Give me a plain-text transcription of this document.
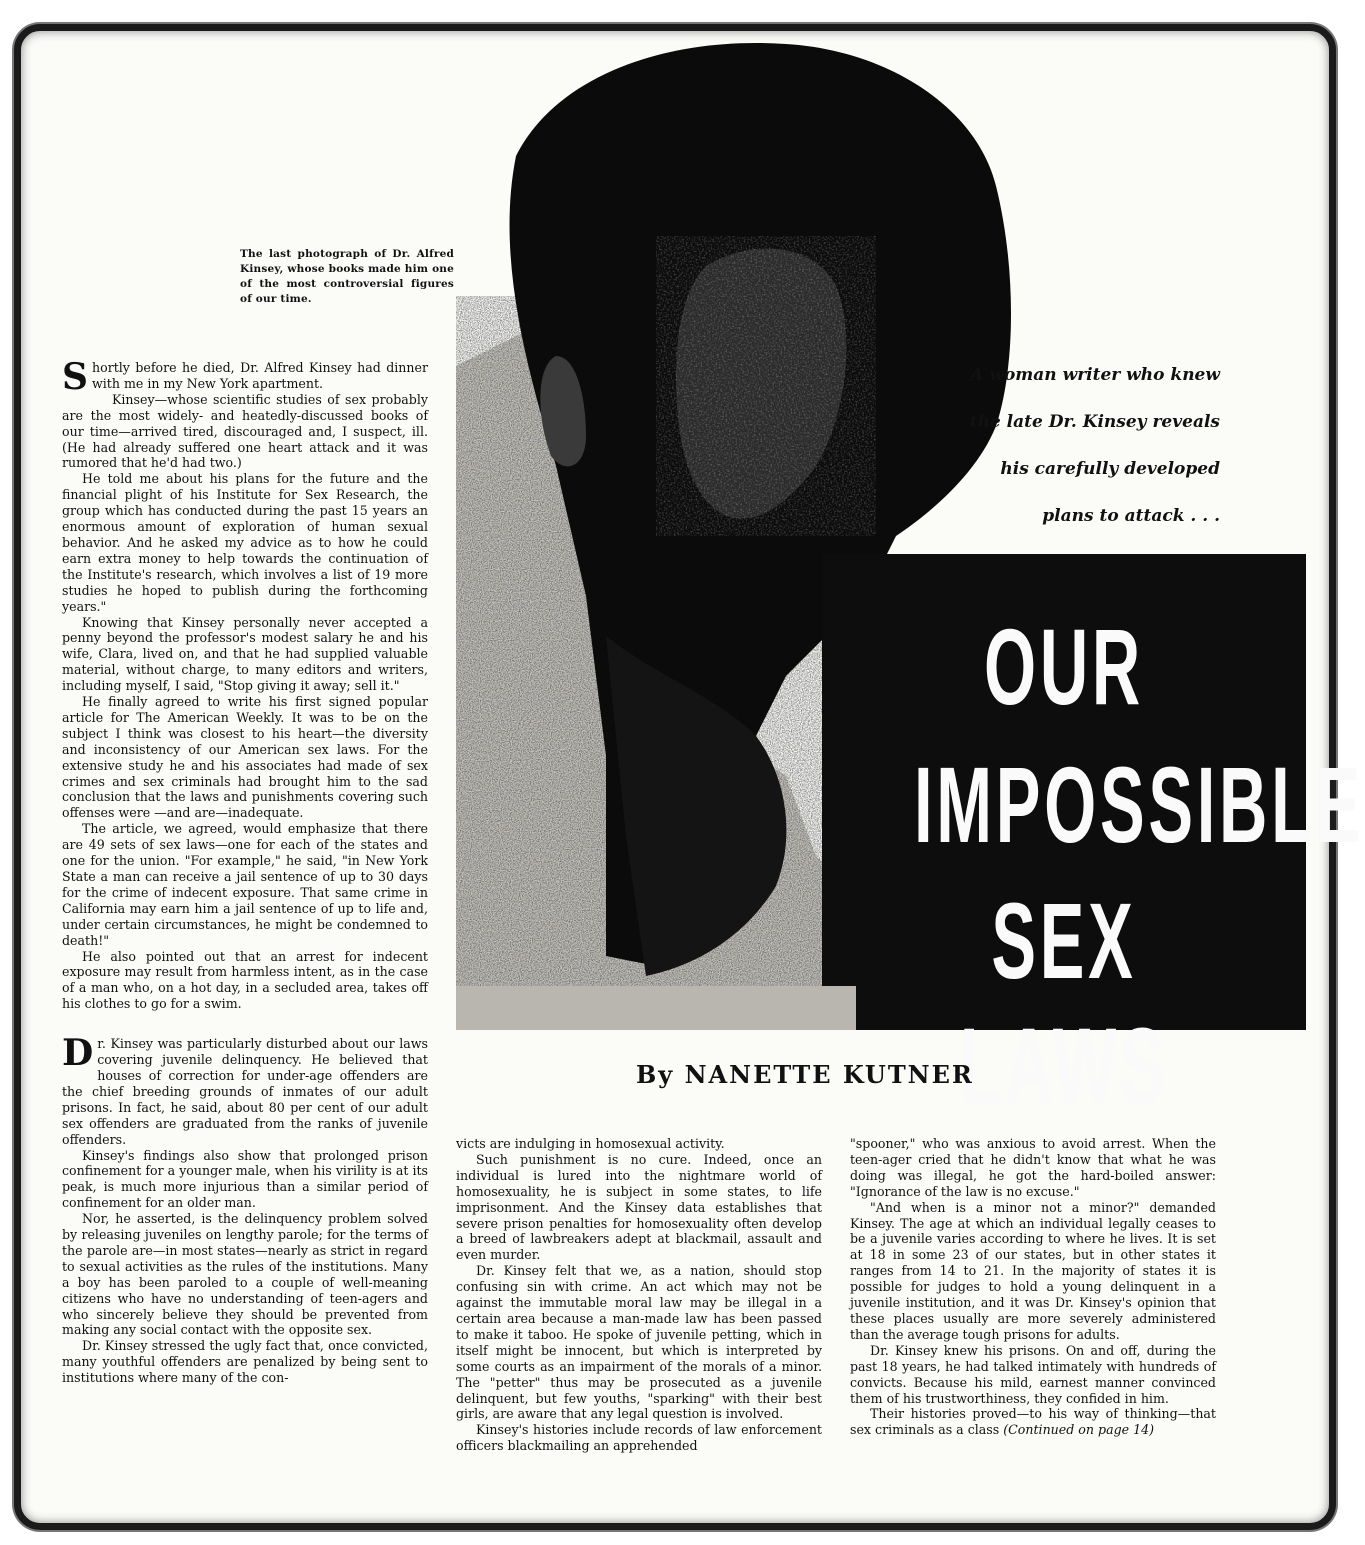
OUR
IMPOSSIBLE
SEX LAWS
A woman writer who knew
the late Dr. Kinsey reveals
his carefully developed
plans to attack . . .
The last photograph of Dr. Alfred Kinsey, whose books made him one of the most controversial figures of our time.
By NANETTE KUTNER

Shortly before he died, Dr. Alfred Kinsey had dinner with me in my New York apartment.

Kinsey—whose scientific studies of sex probably are the most widely- and heatedly-discussed books of our time—arrived tired, discouraged and, I suspect, ill. (He had already suffered one heart attack and it was rumored that he'd had two.)

He told me about his plans for the future and the financial plight of his Institute for Sex Research, the group which has conducted during the past 15 years an enormous amount of exploration of human sexual behavior. And he asked my advice as to how he could earn extra money to help towards the continuation of the Institute's research, which involves a list of 19 more studies he hoped to publish during the forthcoming years."

Knowing that Kinsey personally never accepted a penny beyond the professor's modest salary he and his wife, Clara, lived on, and that he had supplied valuable material, without charge, to many editors and writers, including myself, I said, "Stop giving it away; sell it."

He finally agreed to write his first signed popular article for The American Weekly. It was to be on the subject I think was closest to his heart—the diversity and inconsistency of our American sex laws. For the extensive study he and his associates had made of sex crimes and sex criminals had brought him to the sad conclusion that the laws and punishments covering such offenses were —and are—inadequate.

The article, we agreed, would emphasize that there are 49 sets of sex laws—one for each of the states and one for the union. "For example," he said, "in New York State a man can receive a jail sentence of up to 30 days for the crime of indecent exposure. That same crime in California may earn him a jail sentence of up to life and, under certain circumstances, he might be condemned to death!"

He also pointed out that an arrest for indecent exposure may result from harmless intent, as in the case of a man who, on a hot day, in a secluded area, takes off his clothes to go for a swim.

Dr. Kinsey was particularly disturbed about our laws covering juvenile delinquency. He believed that houses of correction for under-age offenders are the chief breeding grounds of inmates of our adult prisons. In fact, he said, about 80 per cent of our adult sex offenders are graduated from the ranks of juvenile offenders.

Kinsey's findings also show that prolonged prison confinement for a younger male, when his virility is at its peak, is much more injurious than a similar period of confinement for an older man.

Nor, he asserted, is the delinquency problem solved by releasing juveniles on lengthy parole; for the terms of the parole are—in most states—nearly as strict in regard to sexual activities as the rules of the institutions. Many a boy has been paroled to a couple of well-meaning citizens who have no understanding of teen-agers and who sincerely believe they should be prevented from making any social contact with the opposite sex.

Dr. Kinsey stressed the ugly fact that, once convicted, many youthful offenders are penalized by being sent to institutions where many of the con-

victs are indulging in homosexual activity.

Such punishment is no cure. Indeed, once an individual is lured into the nightmare world of homosexuality, he is subject in some states, to life imprisonment. And the Kinsey data establishes that severe prison penalties for homosexuality often develop a breed of lawbreakers adept at blackmail, assault and even murder.

Dr. Kinsey felt that we, as a nation, should stop confusing sin with crime. An act which may not be against the immutable moral law may be illegal in a certain area because a man-made law has been passed to make it taboo. He spoke of juvenile petting, which in itself might be innocent, but which is interpreted by some courts as an impairment of the morals of a minor. The "petter" thus may be prosecuted as a juvenile delinquent, but few youths, "sparking" with their best girls, are aware that any legal question is involved.

Kinsey's histories include records of law enforcement officers blackmailing an apprehended

"spooner," who was anxious to avoid arrest. When the teen-ager cried that he didn't know that what he was doing was illegal, he got the hard-boiled answer: "Ignorance of the law is no excuse."

"And when is a minor not a minor?" demanded Kinsey. The age at which an individual legally ceases to be a juvenile varies according to where he lives. It is set at 18 in some 23 of our states, but in other states it ranges from 14 to 21. In the majority of states it is possible for judges to hold a young delinquent in a juvenile institution, and it was Dr. Kinsey's opinion that these places usually are more severely administered than the average tough prisons for adults.

Dr. Kinsey knew his prisons. On and off, during the past 18 years, he had talked intimately with hundreds of convicts. Because his mild, earnest manner convinced them of his trustworthiness, they confided in him.

Their histories proved—to his way of thinking—that sex criminals as a class (Continued on page 14)
